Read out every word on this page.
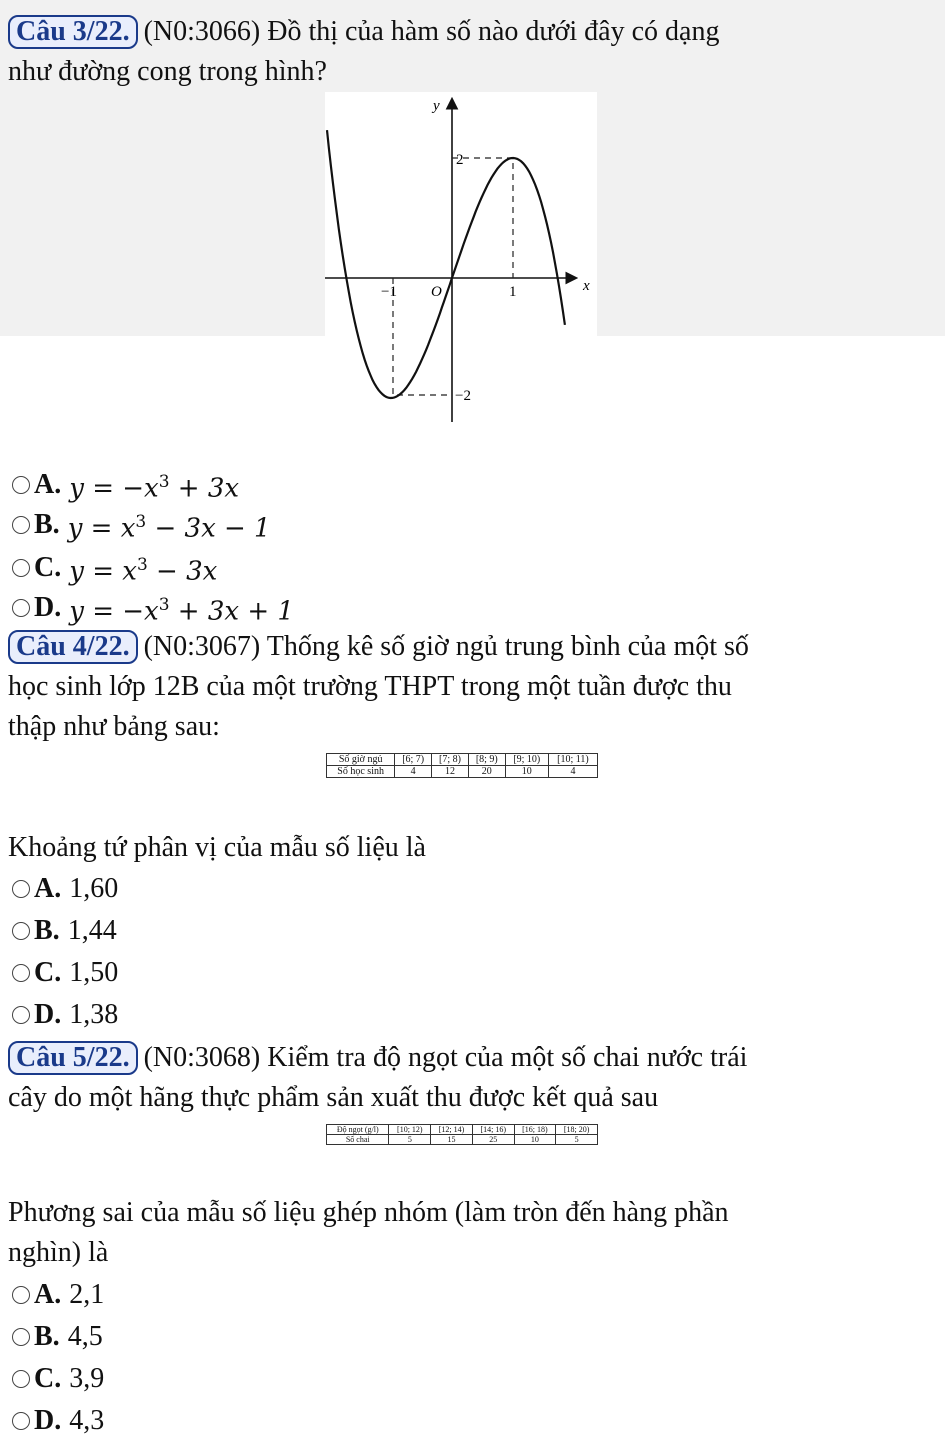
Câu 3/22. (N0:3066) Đồ thị của hàm số nào dưới đây có dạng
như đường cong trong hình?
y
x
O
2
−2
−1	1
A. $y = -x^3 + 3x$
B. $y = x^3 - 3x - 1$
C. $y = x^3 - 3x$
D. $y = -x^3 + 3x + 1$
Câu 4/22. (N0:3067) Thống kê số giờ ngủ trung bình của một số
học sinh lớp 12B của một trường THPT trong một tuần được thu
thập như bảng sau:
Số giờ ngủ	[6; 7)	[7; 8)	[8; 9)	[9; 10)	[10; 11)
Số học sinh	4	12	20	10	4
Khoảng tứ phân vị của mẫu số liệu là
A. 1,60
B. 1,44
C. 1,50
D. 1,38
Câu 5/22. (N0:3068) Kiểm tra độ ngọt của một số chai nước trái
cây do một hãng thực phẩm sản xuất thu được kết quả sau
Độ ngọt (g/l)	[10; 12)	[12; 14)	[14; 16)	[16; 18)	[18; 20)
Số chai	5	15	25	10	5
Phương sai của mẫu số liệu ghép nhóm (làm tròn đến hàng phần
nghìn) là
A. 2,1
B. 4,5
C. 3,9
D. 4,3
